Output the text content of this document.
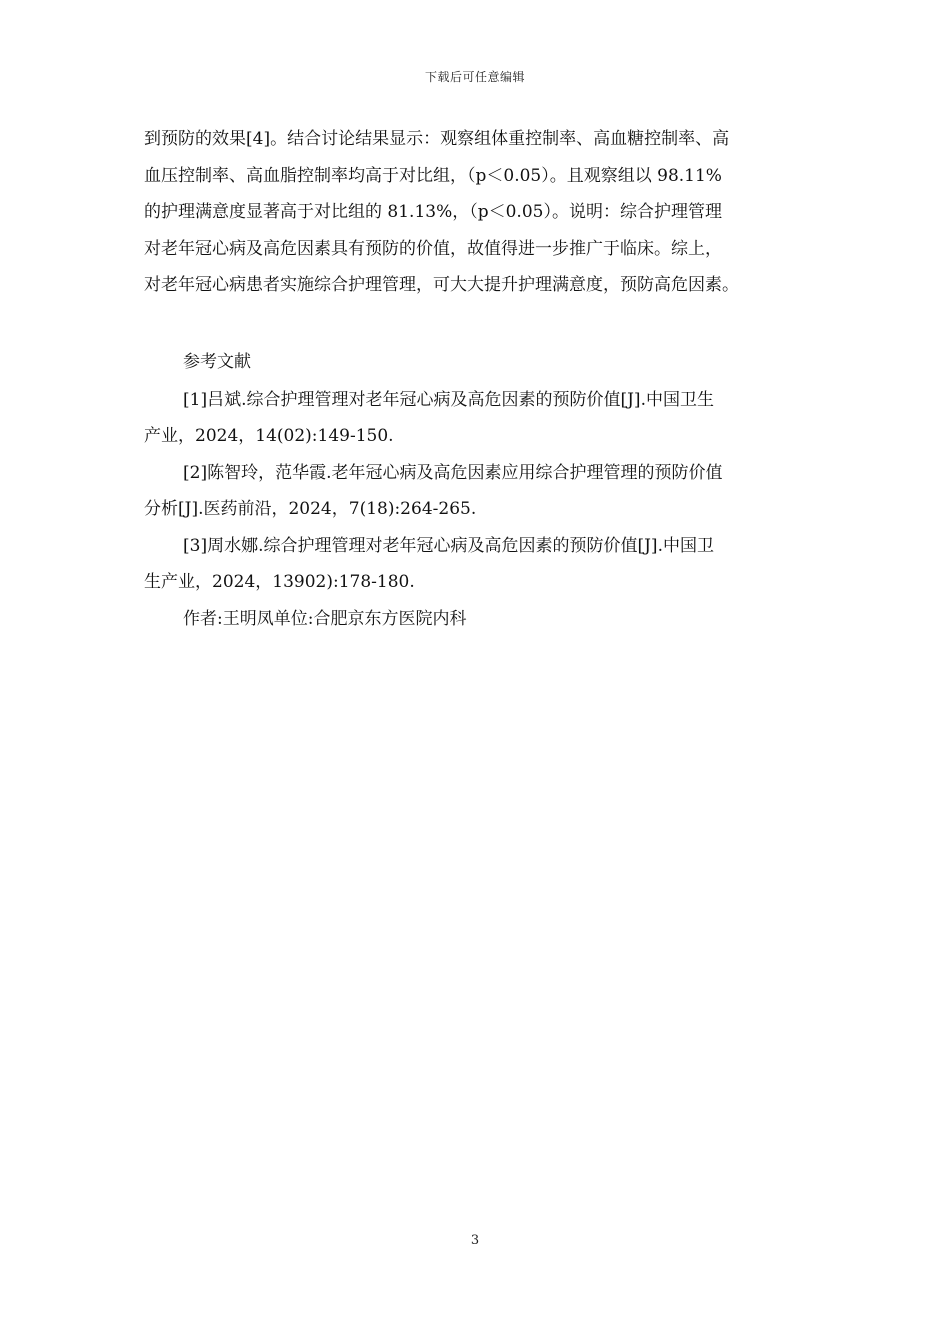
下载后可任意编辑
到预防的效果[4]。结合讨论结果显示：观察组体重控制率、高血糖控制率、高
血压控制率、高血脂控制率均高于对比组，（p＜0.05）。且观察组以 98.11%
的护理满意度显著高于对比组的 81.13%，（p＜0.05）。说明：综合护理管理
对老年冠心病及高危因素具有预防的价值，故值得进一步推广于临床。综上，
对老年冠心病患者实施综合护理管理，可大大提升护理满意度，预防高危因素。
参考文献
[1]吕斌.综合护理管理对老年冠心病及高危因素的预防价值[J].中国卫生
产业，2024，14(02):149-150.
[2]陈智玲，范华霞.老年冠心病及高危因素应用综合护理管理的预防价值
分析[J].医药前沿，2024，7(18):264-265.
[3]周水娜.综合护理管理对老年冠心病及高危因素的预防价值[J].中国卫
生产业，2024，13902):178-180.
作者:王明凤单位:合肥京东方医院内科
3
